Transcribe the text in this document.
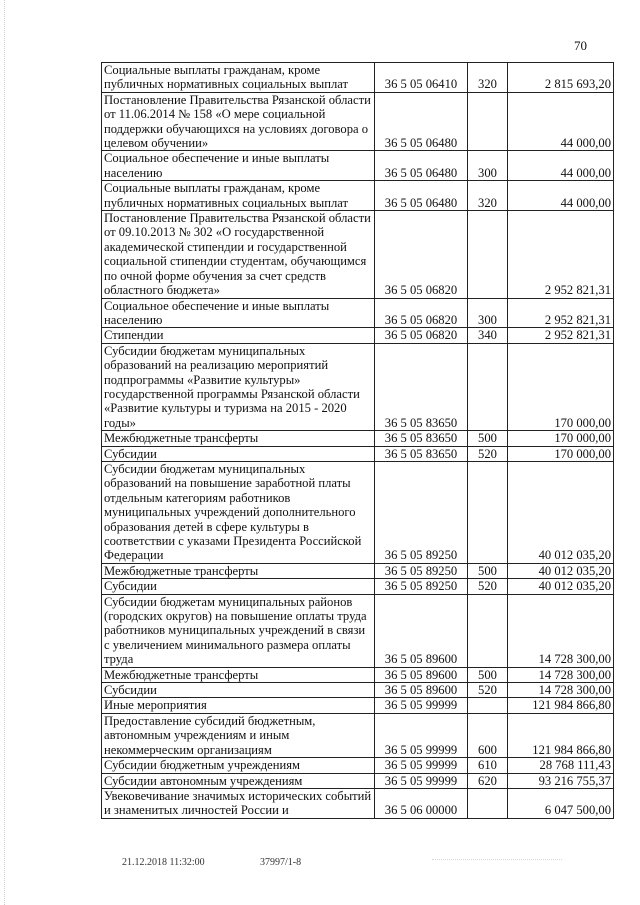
70
Социальные выплаты гражданам, кроме публичных нормативных социальных выплат	36 5 05 06410	320	2 815 693,20
Постановление Правительства Рязанской области от 11.06.2014 № 158 «О мере социальной поддержки обучающихся на условиях договора о целевом обучении»	36 5 05 06480		44 000,00
Социальное обеспечение и иные выплаты населению	36 5 05 06480	300	44 000,00
Социальные выплаты гражданам, кроме публичных нормативных социальных выплат	36 5 05 06480	320	44 000,00
Постановление Правительства Рязанской области от 09.10.2013 № 302 «О государственной академической стипендии и государственной социальной стипендии студентам, обучающимся по очной форме обучения за счет средств областного бюджета»	36 5 05 06820		2 952 821,31
Социальное обеспечение и иные выплаты населению	36 5 05 06820	300	2 952 821,31
Стипендии	36 5 05 06820	340	2 952 821,31
Субсидии бюджетам муниципальных образований на реализацию мероприятий подпрограммы «Развитие культуры» государственной программы Рязанской области «Развитие культуры и туризма на 2015 - 2020 годы»	36 5 05 83650		170 000,00
Межбюджетные трансферты	36 5 05 83650	500	170 000,00
Субсидии	36 5 05 83650	520	170 000,00
Субсидии бюджетам муниципальных образований на повышение заработной платы отдельным категориям работников муниципальных учреждений дополнительного образования детей в сфере культуры в соответствии с указами Президента Российской Федерации	36 5 05 89250		40 012 035,20
Межбюджетные трансферты	36 5 05 89250	500	40 012 035,20
Субсидии	36 5 05 89250	520	40 012 035,20
Субсидии бюджетам муниципальных районов (городских округов) на повышение оплаты труда работников муниципальных учреждений в связи с увеличением минимального размера оплаты труда	36 5 05 89600		14 728 300,00
Межбюджетные трансферты	36 5 05 89600	500	14 728 300,00
Субсидии	36 5 05 89600	520	14 728 300,00
Иные мероприятия	36 5 05 99999		121 984 866,80
Предоставление субсидий бюджетным, автономным учреждениям и иным некоммерческим организациям	36 5 05 99999	600	121 984 866,80
Субсидии бюджетным учреждениям	36 5 05 99999	610	28 768 111,43
Субсидии автономным учреждениям	36 5 05 99999	620	93 216 755,37
Увековечивание значимых исторических событий и знаменитых личностей России и	36 5 06 00000		6 047 500,00
21.12.2018 11:32:00	37997/1-8
